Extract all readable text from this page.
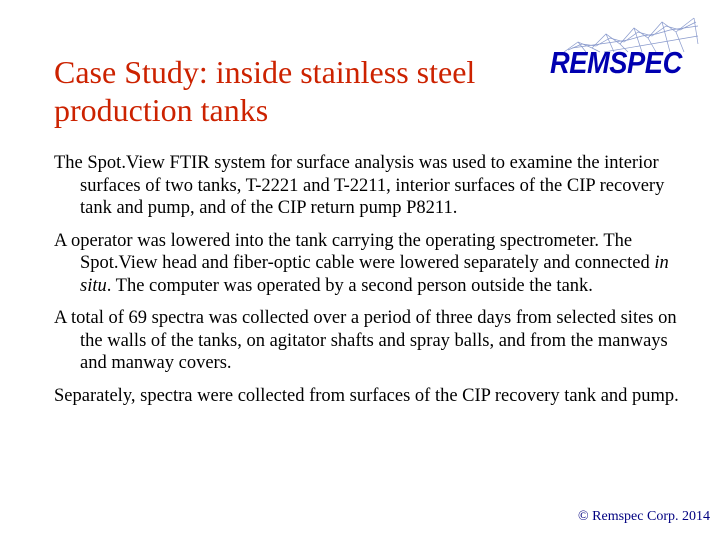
Case Study: inside stainless steel production tanks
REMSPEC

The Spot.View FTIR system for surface analysis was used to examine the interior surfaces of two tanks, T-2221 and T-2211, interior surfaces of the CIP recovery tank and pump, and of the CIP return pump P8211.

A operator was lowered into the tank carrying the operating spectrometer. The Spot.View head and fiber-optic cable were lowered separately and connected in situ. The computer was operated by a second person outside the tank.

A total of 69 spectra was collected over a period of three days from selected sites on the walls of the tanks, on agitator shafts and spray balls, and from the manways and manway covers.

Separately, spectra were collected from surfaces of the CIP recovery tank and pump.

© Remspec Corp. 2014
